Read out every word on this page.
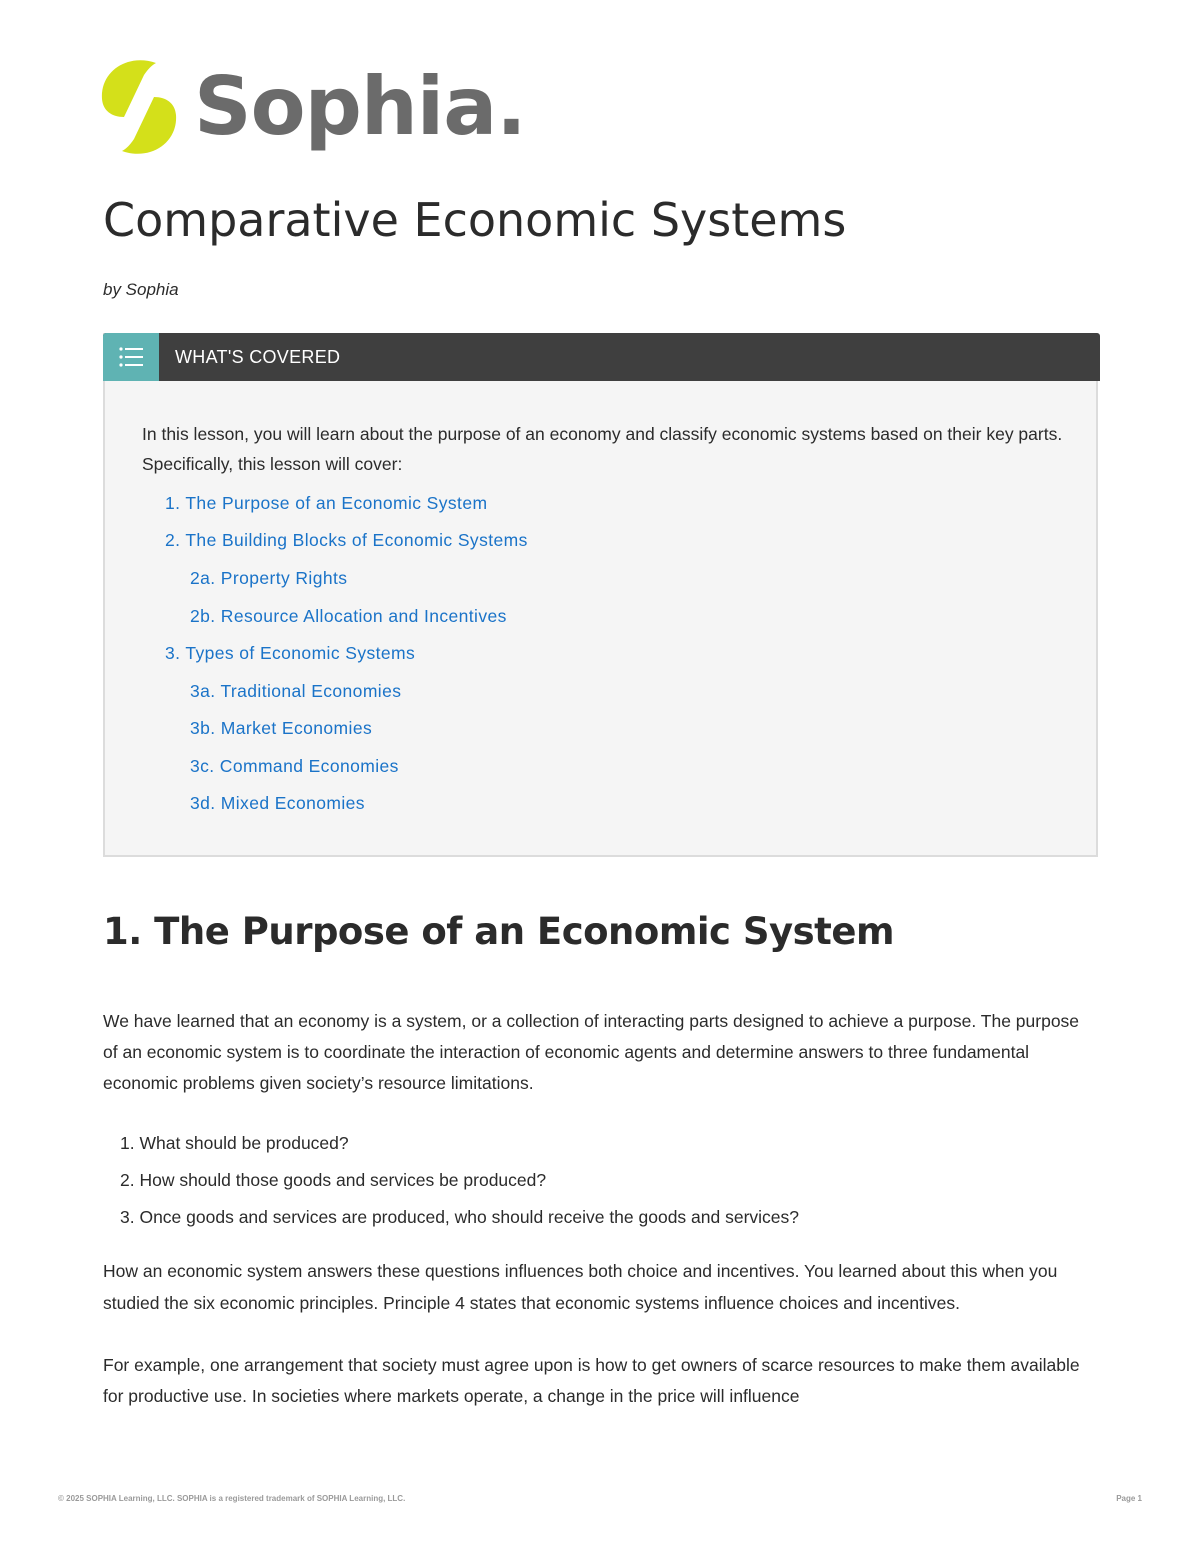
Sophia .
Comparative Economic Systems
by Sophia
WHAT'S COVERED

In this lesson, you will learn about the purpose of an economy and classify economic systems based on their key parts. Specifically, this lesson will cover:

1. The Purpose of an Economic System
2. The Building Blocks of Economic Systems
2a. Property Rights
2b. Resource Allocation and Incentives
3. Types of Economic Systems
3a. Traditional Economies
3b. Market Economies
3c. Command Economies
3d. Mixed Economies
1. The Purpose of an Economic System

We have learned that an economy is a system, or a collection of interacting parts designed to achieve a purpose. The purpose of an economic system is to coordinate the interaction of economic agents and determine answers to three fundamental economic problems given society’s resource limitations.

1. What should be produced?
2. How should those goods and services be produced?
3. Once goods and services are produced, who should receive the goods and services?

How an economic system answers these questions influences both choice and incentives. You learned about this when you studied the six economic principles. Principle 4 states that economic systems influence choices and incentives.

For example, one arrangement that society must agree upon is how to get owners of scarce resources to make them available for productive use. In societies where markets operate, a change in the price will influence

© 2025 SOPHIA Learning, LLC. SOPHIA is a registered trademark of SOPHIA Learning, LLC.	Page 1
